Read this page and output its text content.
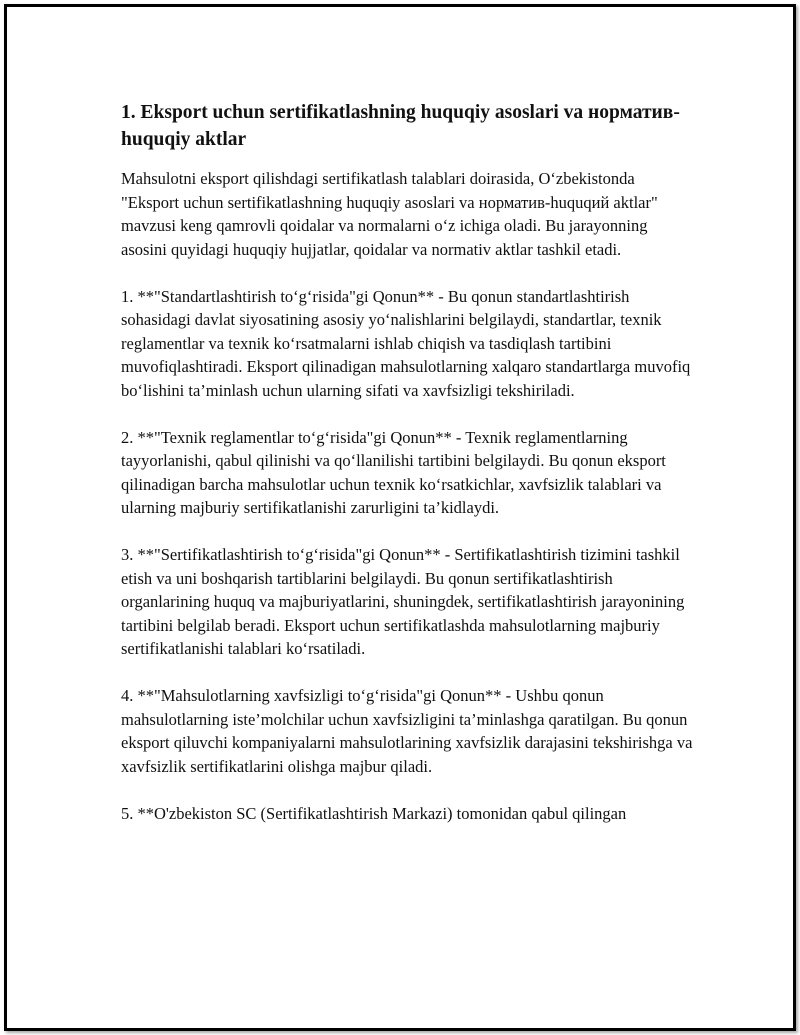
1. Eksport uchun sertifikatlashning huquqiy asoslari va норматив-huquqiy aktlar

Mahsulotni eksport qilishdagi sertifikatlash talablari doirasida, O‘zbekistonda "Eksport uchun sertifikatlashning huquqiy asoslari va норматив-huquqий aktlar" mavzusi keng qamrovli qoidalar va normalarni o‘z ichiga oladi. Bu jarayonning asosini quyidagi huquqiy hujjatlar, qoidalar va normativ aktlar tashkil etadi.

1. **"Standartlashtirish to‘g‘risida"gi Qonun** - Bu qonun standartlashtirish sohasidagi davlat siyosatining asosiy yo‘nalishlarini belgilaydi, standartlar, texnik reglamentlar va texnik ko‘rsatmalarni ishlab chiqish va tasdiqlash tartibini muvofiqlashtiradi. Eksport qilinadigan mahsulotlarning xalqaro standartlarga muvofiq bo‘lishini ta’minlash uchun ularning sifati va xavfsizligi tekshiriladi.

2. **"Texnik reglamentlar to‘g‘risida"gi Qonun** - Texnik reglamentlarning tayyorlanishi, qabul qilinishi va qo‘llanilishi tartibini belgilaydi. Bu qonun eksport qilinadigan barcha mahsulotlar uchun texnik ko‘rsatkichlar, xavfsizlik talablari va ularning majburiy sertifikatlanishi zarurligini ta’kidlaydi.

3. **"Sertifikatlashtirish to‘g‘risida"gi Qonun** - Sertifikatlashtirish tizimini tashkil etish va uni boshqarish tartiblarini belgilaydi. Bu qonun sertifikatlashtirish organlarining huquq va majburiyatlarini, shuningdek, sertifikatlashtirish jarayonining tartibini belgilab beradi. Eksport uchun sertifikatlashda mahsulotlarning majburiy sertifikatlanishi talablari ko‘rsatiladi.

4. **"Mahsulotlarning xavfsizligi to‘g‘risida"gi Qonun** - Ushbu qonun mahsulotlarning iste’molchilar uchun xavfsizligini ta’minlashga qaratilgan. Bu qonun eksport qiluvchi kompaniyalarni mahsulotlarining xavfsizlik darajasini tekshirishga va xavfsizlik sertifikatlarini olishga majbur qiladi.

5. **O'zbekiston SC (Sertifikatlashtirish Markazi) tomonidan qabul qilingan
